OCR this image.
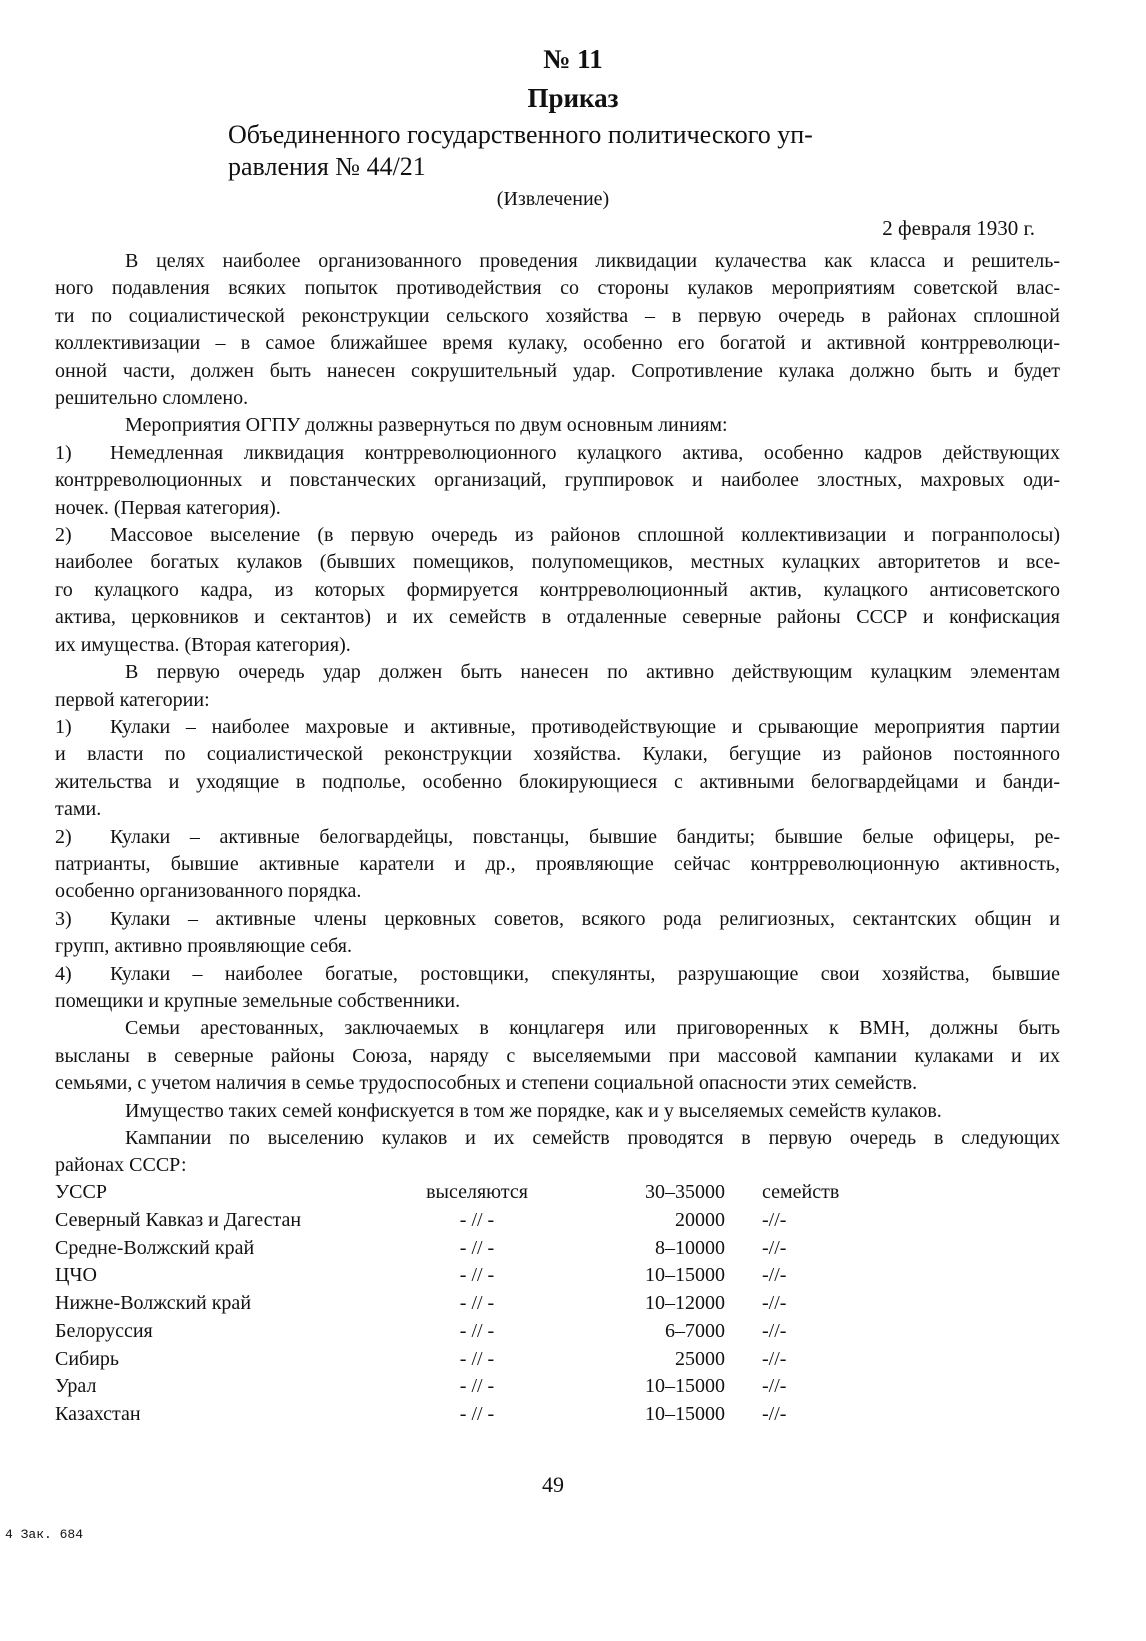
№ 11
Приказ
Объединенного государственного политического уп-
равления № 44/21
(Извлечение)
2 февраля 1930 г.
В целях наиболее организованного проведения ликвидации кулачества как класса и решитель-
ного подавления всяких попыток противодействия со стороны кулаков мероприятиям советской влас-
ти по социалистической реконструкции сельского хозяйства – в первую очередь в районах сплошной
коллективизации – в самое ближайшее время кулаку, особенно его богатой и активной контрреволюци-
онной части, должен быть нанесен сокрушительный удар. Сопротивление кулака должно быть и будет
решительно сломлено.
Мероприятия ОГПУ должны развернуться по двум основным линиям:
1) Немедленная ликвидация контрреволюционного кулацкого актива, особенно кадров действующих
контрреволюционных и повстанческих организаций, группировок и наиболее злостных, махровых оди-
ночек. (Первая категория).
2) Массовое выселение (в первую очередь из районов сплошной коллективизации и погранполосы)
наиболее богатых кулаков (бывших помещиков, полупомещиков, местных кулацких авторитетов и все-
го кулацкого кадра, из которых формируется контрреволюционный актив, кулацкого антисоветского
актива, церковников и сектантов) и их семейств в отдаленные северные районы СССР и конфискация
их имущества. (Вторая категория).
В первую очередь удар должен быть нанесен по активно действующим кулацким элементам
первой категории:
1) Кулаки – наиболее махровые и активные, противодействующие и срывающие мероприятия партии
и власти по социалистической реконструкции хозяйства. Кулаки, бегущие из районов постоянного
жительства и уходящие в подполье, особенно блокирующиеся с активными белогвардейцами и банди-
тами.
2) Кулаки – активные белогвардейцы, повстанцы, бывшие бандиты; бывшие белые офицеры, ре-
патрианты, бывшие активные каратели и др., проявляющие сейчас контрреволюционную активность,
особенно организованного порядка.
3) Кулаки – активные члены церковных советов, всякого рода религиозных, сектантских общин и
групп, активно проявляющие себя.
4) Кулаки – наиболее богатые, ростовщики, спекулянты, разрушающие свои хозяйства, бывшие
помещики и крупные земельные собственники.
Семьи арестованных, заключаемых в концлагеря или приговоренных к ВМН, должны быть
высланы в северные районы Союза, наряду с выселяемыми при массовой кампании кулаками и их
семьями, с учетом наличия в семье трудоспособных и степени социальной опасности этих семейств.
Имущество таких семей конфискуется в том же порядке, как и у выселяемых семейств кулаков.
Кампании по выселению кулаков и их семейств проводятся в первую очередь в следующих
районах СССР:
УССР	выселяются	30–35000 семейств
Северный Кавказ и Дагестан	- // -	20000 -//-
Средне-Волжский край	- // -	8–10000 -//-
ЦЧО	- // -	10–15000 -//-
Нижне-Волжский край	- // -	10–12000 -//-
Белоруссия	- // -	6–7000 -//-
Сибирь	- // -	25000 -//-
Урал	- // -	10–15000 -//-
Казахстан	- // -	10–15000 -//-
49
4 Зак. 684
